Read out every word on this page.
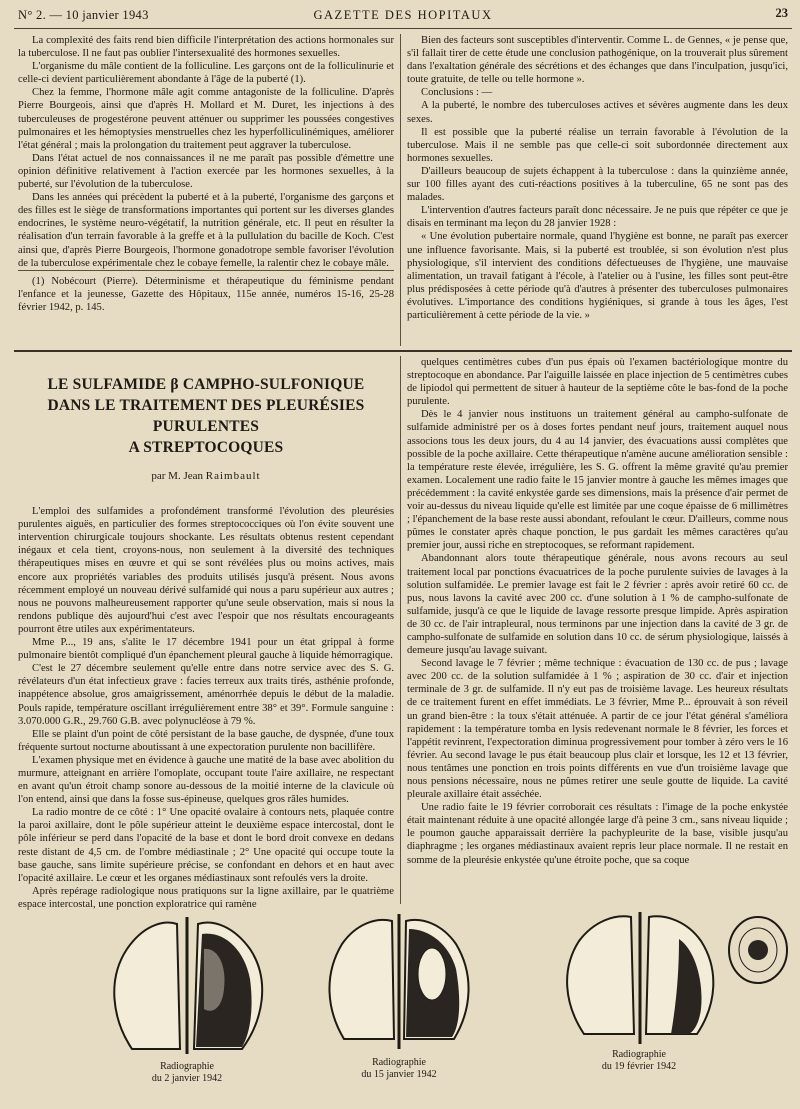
N° 2. — 10 janvier 1943	GAZETTE DES HOPITAUX	23

La complexité des faits rend bien difficile l'interprétation des actions hormonales sur la tuberculose. Il ne faut pas oublier l'intersexualité des hormones sexuelles.

L'organisme du mâle contient de la folliculine. Les garçons ont de la folliculinurie et celle-ci devient particulièrement abondante à l'âge de la puberté (1).

Chez la femme, l'hormone mâle agit comme antagoniste de la folliculine. D'après Pierre Bourgeois, ainsi que d'après H. Mollard et M. Duret, les injections à des tuberculeuses de progestérone peuvent atténuer ou supprimer les poussées congestives pulmonaires et les hémoptysies menstruelles chez les hyperfolliculinémiques, améliorer l'état général ; mais la prolongation du traitement peut aggraver la tuberculose.

Dans l'état actuel de nos connaissances il ne me paraît pas possible d'émettre une opinion définitive relativement à l'action exercée par les hormones sexuelles, à la puberté, sur l'évolution de la tuberculose.

Dans les années qui précèdent la puberté et à la puberté, l'organisme des garçons et des filles est le siège de transformations importantes qui portent sur les diverses glandes endocrines, le système neuro-végétatif, la nutrition générale, etc. Il peut en résulter la réalisation d'un terrain favorable à la greffe et à la pullulation du bacille de Koch. C'est ainsi que, d'après Pierre Bourgeois, l'hormone gonadotrope semble favoriser l'évolution de la tuberculose expérimentale chez le cobaye femelle, la ralentir chez le cobaye mâle.

(1) Nobécourt (Pierre). Déterminisme et thérapeutique du féminisme pendant l'enfance et la jeunesse, Gazette des Hôpitaux, 115e année, numéros 15-16, 25-28 février 1942, p. 145.

Bien des facteurs sont susceptibles d'interventir. Comme L. de Gennes, « je pense que, s'il fallait tirer de cette étude une conclusion pathogénique, on la trouverait plus sûrement dans l'exaltation générale des sécrétions et des échanges que dans l'inculpation, jusqu'ici, toute gratuite, de telle ou telle hormone ».

Conclusions : —

A la puberté, le nombre des tuberculoses actives et sévères augmente dans les deux sexes.

Il est possible que la puberté réalise un terrain favorable à l'évolution de la tuberculose. Mais il ne semble pas que celle-ci soit subordonnée directement aux hormones sexuelles.

D'ailleurs beaucoup de sujets échappent à la tuberculose : dans la quinzième année, sur 100 filles ayant des cuti-réactions positives à la tuberculine, 65 ne sont pas des malades.

L'intervention d'autres facteurs paraît donc nécessaire. Je ne puis que répéter ce que je disais en terminant ma leçon du 28 janvier 1928 :

« Une évolution pubertaire normale, quand l'hygiène est bonne, ne paraît pas exercer une influence favorisante. Mais, si la puberté est troublée, si son évolution n'est plus physiologique, s'il intervient des conditions défectueuses de l'hygiène, une mauvaise alimentation, un travail fatigant à l'école, à l'atelier ou à l'usine, les filles sont peut-être plus prédisposées à cette période qu'à d'autres à présenter des tuberculoses pulmonaires évolutives. L'importance des conditions hygiéniques, si grande à tous les âges, l'est particulièrement à cette période de la vie. »

LE SULFAMIDE β CAMPHO-SULFONIQUE
DANS LE TRAITEMENT DES PLEURÉSIES PURULENTES
A STREPTOCOQUES
par M. Jean Raimbault

L'emploi des sulfamides a profondément transformé l'évolution des pleurésies purulentes aiguës, en particulier des formes streptococciques où l'on évite souvent une intervention chirurgicale toujours shockante. Les résultats obtenus restent cependant inégaux et cela tient, croyons-nous, non seulement à la diversité des techniques thérapeutiques mises en œuvre et qui se sont révélées plus ou moins actives, mais encore aux propriétés variables des produits utilisés jusqu'à présent. Nous avons récemment employé un nouveau dérivé sulfamidé qui nous a paru supérieur aux autres ; nous ne pouvons malheureusement rapporter qu'une seule observation, mais si nous la rendons publique dès aujourd'hui c'est avec l'espoir que nos résultats encourageants pourront être utiles aux expérimentateurs.

Mme P..., 19 ans, s'alite le 17 décembre 1941 pour un état grippal à forme pulmonaire bientôt compliqué d'un épanchement pleural gauche à liquide hémorragique.

C'est le 27 décembre seulement qu'elle entre dans notre service avec des S. G. révélateurs d'un état infectieux grave : facies terreux aux traits tirés, asthénie profonde, inappétence absolue, gros amaigrissement, aménorrhée depuis le début de la maladie. Pouls rapide, température oscillant irrégulièrement entre 38° et 39°. Formule sanguine : 3.070.000 G.R., 29.760 G.B. avec polynucléose à 79 %.

Elle se plaint d'un point de côté persistant de la base gauche, de dyspnée, d'une toux fréquente surtout nocturne aboutissant à une expectoration purulente non bacillifère.

L'examen physique met en évidence à gauche une matité de la base avec abolition du murmure, atteignant en arrière l'omoplate, occupant toute l'aire axillaire, ne respectant en avant qu'un étroit champ sonore au-dessous de la moitié interne de la clavicule où l'on entend, ainsi que dans la fosse sus-épineuse, quelques gros râles humides.

La radio montre de ce côté : 1° Une opacité ovalaire à contours nets, plaquée contre la paroi axillaire, dont le pôle supérieur atteint le deuxième espace intercostal, dont le pôle inférieur se perd dans l'opacité de la base et dont le bord droit convexe en dedans reste distant de 4,5 cm. de l'ombre médiastinale ; 2° Une opacité qui occupe toute la base gauche, sans limite supérieure précise, se confondant en dehors et en haut avec l'opacité axillaire. Le cœur et les organes médiastinaux sont refoulés vers la droite.

Après repérage radiologique nous pratiquons sur la ligne axillaire, par le quatrième espace intercostal, une ponction exploratrice qui ramène

quelques centimètres cubes d'un pus épais où l'examen bactériologique montre du streptocoque en abondance. Par l'aiguille laissée en place injection de 5 centimètres cubes de lipiodol qui permettent de situer à hauteur de la septième côte le bas-fond de la poche purulente.

Dès le 4 janvier nous instituons un traitement général au campho-sulfonate de sulfamide administré per os à doses fortes pendant neuf jours, traitement auquel nous associons tous les deux jours, du 4 au 14 janvier, des évacuations aussi complètes que possible de la poche axillaire. Cette thérapeutique n'amène aucune amélioration sensible : la température reste élevée, irrégulière, les S. G. offrent la même gravité qu'au premier examen. Localement une radio faite le 15 janvier montre à gauche les mêmes images que précédemment : la cavité enkystée garde ses dimensions, mais la présence d'air permet de voir au-dessus du niveau liquide qu'elle est limitée par une coque épaisse de 6 millimètres ; l'épanchement de la base reste aussi abondant, refoulant le cœur. D'ailleurs, comme nous pûmes le constater après chaque ponction, le pus gardait les mêmes caractères qu'au premier jour, aussi riche en streptocoques, se reformant rapidement.

Abandonnant alors toute thérapeutique générale, nous avons recours au seul traitement local par ponctions évacuatrices de la poche purulente suivies de lavages à la solution sulfamidée. Le premier lavage est fait le 2 février : après avoir retiré 60 cc. de pus, nous lavons la cavité avec 200 cc. d'une solution à 1 % de campho-sulfonate de sulfamide, jusqu'à ce que le liquide de lavage ressorte presque limpide. Après aspiration de 30 cc. de l'air intrapleural, nous terminons par une injection dans la cavité de 3 gr. de campho-sulfonate de sulfamide en solution dans 10 cc. de sérum physiologique, laissés à demeure jusqu'au lavage suivant.

Second lavage le 7 février ; même technique : évacuation de 130 cc. de pus ; lavage avec 200 cc. de la solution sulfamidée à 1 % ; aspiration de 30 cc. d'air et injection terminale de 3 gr. de sulfamide. Il n'y eut pas de troisième lavage. Les heureux résultats de ce traitement furent en effet immédiats. Le 3 février, Mme P... éprouvait à son réveil un grand bien-être : la toux s'était atténuée. A partir de ce jour l'état général s'améliora rapidement : la température tomba en lysis redevenant normale le 8 février, les forces et l'appétit revinrent, l'expectoration diminua progressivement pour tomber à zéro vers le 16 février. Au second lavage le pus était beaucoup plus clair et lorsque, les 12 et 13 février, nous tentâmes une ponction en trois points différents en vue d'un troisième lavage que nous pensions nécessaire, nous ne pûmes retirer une seule goutte de liquide. La cavité pleurale axillaire était asséchée.

Une radio faite le 19 février corroborait ces résultats : l'image de la poche enkystée était maintenant réduite à une opacité allongée large d'à peine 3 cm., sans niveau liquide ; le poumon gauche apparaissait derrière la pachypleurite de la base, visible jusqu'au diaphragme ; les organes médiastinaux avaient repris leur place normale. Il ne restait en somme de la pleurésie enkystée qu'une étroite poche, que sa coque

Radiographie
du 2 janvier 1942
Radiographie
du 15 janvier 1942
Radiographie
du 19 février 1942
